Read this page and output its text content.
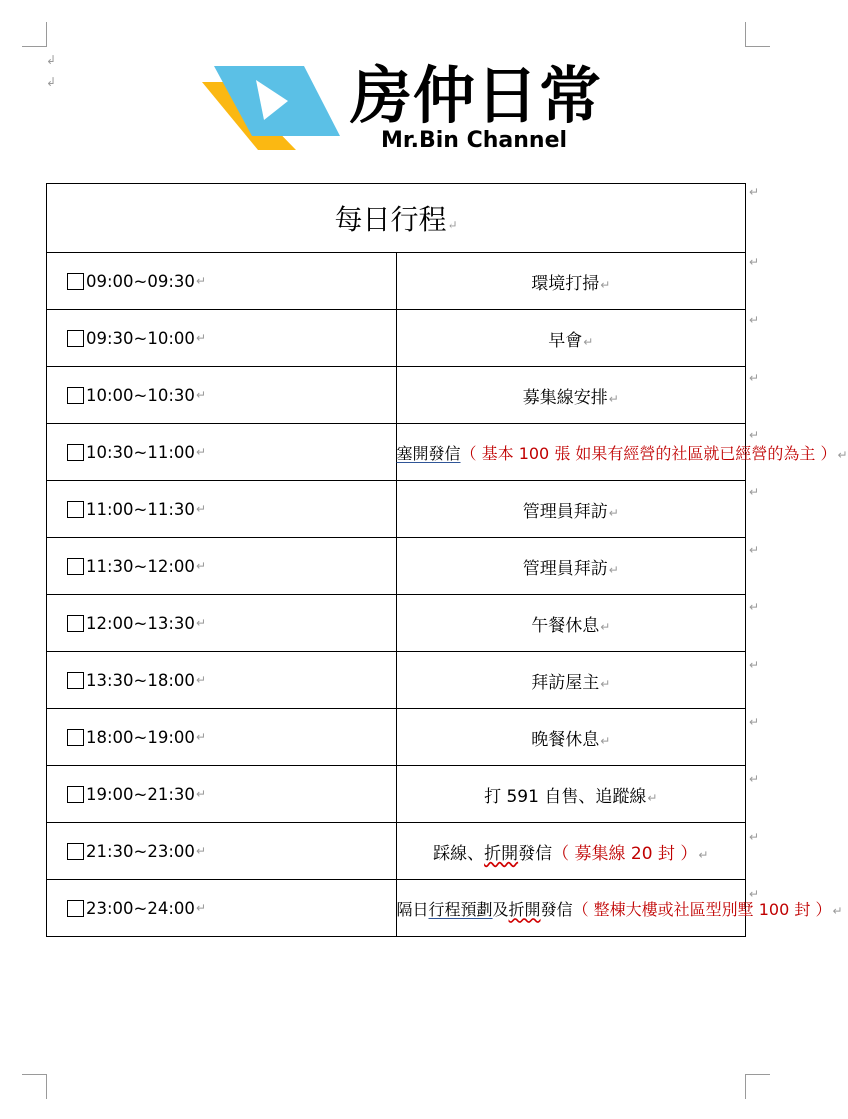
↲
↲	房仲日常
Mr.Bin Channel
↵
↵
↵
↵
↵
↵
↵
↵
↵
↵
↵
↵
↵
每日行程↵	

09:00~09:30 ↵	環境打掃↵

09:30~10:00 ↵	早會↵

10:00~10:30 ↵	募集線安排↵

10:30~11:00 ↵	塞開發信（ 基本 100 張 如果有經營的社區就已經營的為主 ）↵

11:00~11:30 ↵	管理員拜訪↵

11:30~12:00 ↵	管理員拜訪↵

12:00~13:30 ↵	午餐休息↵

13:30~18:00 ↵	拜訪屋主↵

18:00~19:00 ↵	晚餐休息↵

19:00~21:30 ↵	打 591 自售、追蹤線↵

21:30~23:00 ↵	踩線、折開發信（ 募集線 20 封 ）↵

23:00~24:00 ↵	隔日行程預劃及折開發信（ 整棟大樓或社區型別墅 100 封 ）↵
